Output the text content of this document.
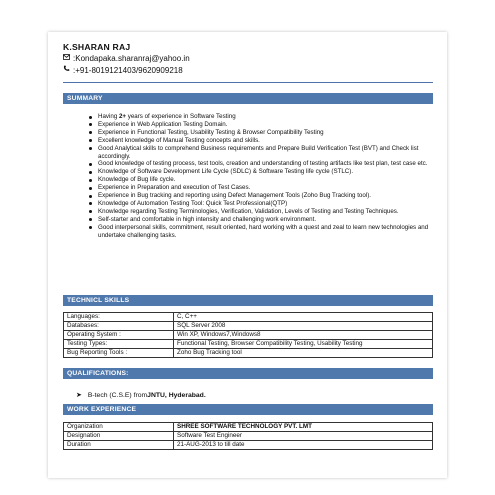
K.SHARAN RAJ
: Kondapaka.sharanraj@yahoo.in
: +91-8019121403/9620909218
SUMMARY
Having 2+ years of experience in Software Testing
Experience in Web Application Testing Domain.
Experience in Functional Testing, Usability Testing & Browser Compatibility Testing
Excellent knowledge of Manual Testing concepts and skills.
Good Analytical skills to comprehend Business requirements and Prepare Build Verification Test (BVT) and Check list accordingly.
Good knowledge of testing process, test tools, creation and understanding of testing artifacts like test plan, test case etc.
Knowledge of Software Development Life Cycle (SDLC) & Software Testing life cycle (STLC).
Knowledge of Bug life cycle.
Experience in Preparation and execution of Test Cases.
Experience in Bug tracking and reporting using Defect Management Tools (Zoho Bug Tracking tool).
Knowledge of Automation Testing Tool: Quick Test Professional(QTP)
Knowledge regarding Testing Terminologies, Verification, Validation, Levels of Testing and Testing Techniques.
Self-starter and comfortable in high intensity and challenging work environment.
Good interpersonal skills, commitment, result oriented, hard working with a quest and zeal to learn new technologies and undertake challenging tasks.
TECHNICL SKILLS
Languages:	C, C++
Databases:	SQL Server 2008
Operating System :	Win XP, Windows7,Windows8
Testing Types:	Functional Testing, Browser Compatibility Testing, Usability Testing
Bug Reporting Tools :	Zoho Bug Tracking tool
QUALIFICATIONS:
➤ B-tech (C.S.E) from JNTU, Hyderabad.
WORK EXPERIENCE
Organization	SHREE SOFTWARE TECHNOLOGY PVT. LMT
Designation	Software Test Engineer
Duration	21-AUG-2013 to till date
